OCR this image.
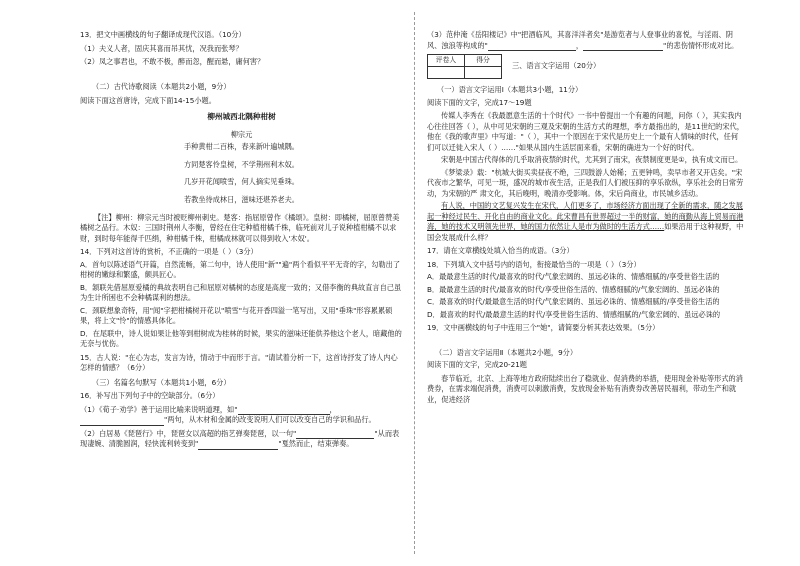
13．把文中画横线的句子翻译成现代汉语。（10分）

（1）夫义人者，固庆其喜而吊其忧，况我而张琴？

（2）凤之事君也，不敢不极，醉而忽，醒而悬，庸何害？

（二）古代诗歌阅读（本题共2小题，9分）

阅读下面这首唐诗，完成下面14-15小题。

柳州城西北隅种柑树

柳宗元

手种黄柑二百株，春来新叶遍城隅。

方同楚客怜皇树，不学荆州利木奴。

几岁开花闻喷雪，何人摘实见垂珠。

若教坐待成林日，滋味还堪养老夫。

【注】柳州：柳宗元当时被贬柳州刺史。楚客：指屈原曾作《橘颂》。皇树：即橘树，屈原曾赞美橘树之品行。木奴：三国时荆州人李衡，曾经在住宅种植柑橘千株，临死前对儿子说种植柑橘不以求财，到时每年能得千匹绢，种柑橘千株，柑橘成林就可以得到收入'木奴'。

14．下列对这首诗的赏析，不正确的一项是（ ）（3分）

A．首句以陈述语气开篇，自然流畅，第二句中，诗人使用"新""遍"两个看似平平无奇的字，勾勒出了柑树的嫩绿和繁盛，颇具匠心。

B．颔联先借屈原爱橘的典故表明自己和屈原对橘树的态度是高度一致的；又借李衡的典故直言自己虽为生计所困也不会种橘谋利的想法。

C．颈联想象奇特，用"闻"字把柑橘树开花以"喷雪"与花开香四溢一笔写出，又用"垂珠"形容累累硕果，将上文"怜"的情感具体化。

D．在尾联中，诗人说如果让他等到柑树成为桂林的时候，果实的滋味还能供养他这个老人，暗藏他的无奈与忧伤。

15．古人说："在心为志，发言为诗，情动于中而形于言。"请试着分析一下，这首诗抒发了诗人内心怎样的情感？（6分）

（三）名篇名句默写（本题共1小题，6分）

16．补写出下列句子中的空缺部分。（6分）

（1）《荀子·劝学》善于运用比喻来说明道理，如"	，"两句，从木材和金属的改变说明人们可以改变自己的学识和品行。

（2）白居易《琵琶行》中，琵琶女以高超的指艺弹奏琵琶，以一句"	"从而表现凄婉、清脆圆润，轻快流利转变到"	"戛然而止，结束弹奏。

（3）范仲淹《岳阳楼记》中"把酒临风，其喜洋洋者矣"是游览者与人登事业的喜悦，与淫雨、阴风、浊浪等构成的"	，	"的悲伤情怀形成对比。

评卷人	得分

三、语言文字运用（20分）

（一）语言文字运用Ⅰ（本题共3小题，11分）

阅读下面的文字，完成17～19题

传媒人李秀在《我最愿意生活的十个时代》一书中曾提出一个有趣的问题，问你（ ），其实我内心往往回答（ ），从中可见宋朝的三观及宋朝的生活方式的理想，季方最指出的，是11世纪的宋代，他在《我的歌声里》中写道："（ ），其中一个原因在于宋代是历史上一个最有人情味的时代，任何们可以迁徙入宋人（ ）……"如果从国内生活层面来看，宋朝的确进为一个好的时代。

宋朝是中国古代得体的几乎取消夜禁的时代，尤其到了南宋，夜禁制度更是①，执有成文而已。

《梦梁录》载："杭城大街买卖昼夜不绝，三四鼓游人始稀；五更钟鸣，卖早市者又开店矣。"宋代夜市之繁华，可见一斑，盛况的城市夜生活，正是我们人们被压抑的享乐欲纵，享乐社会的日常劳动，为宋朝的严 肃文化，其后晚明，晚清亦受影响。体，宋后尚商业，市民城乡活动。

有人说，中国的文艺复兴发生在宋代，人们更多了，市场经济方面出现了全新的需求，随之发展起一种经过民生、开化自由的商业文化。此宋曹昌有世界超过一半的财富，她的商勤从海上贸易而港海，她的技术又明领先世界，她的国力依然让人是市为做时的生活方式……如果沿用于这种视野，中国会发展成什么样？

17．请在文章横线处填入恰当的成语。（3分）

18．下列填入文中括号内的语句，衔接最恰当的一项是（ ）（3分）

A．最最意生活的时代/最喜欢的时代/气象宏阔的、虽远必诛的、情感细腻的/享受世俗生活的

B．最最意生活的时代/最喜欢的时代/享受世俗生活的、情感细腻的/气象宏阔的、虽远必诛的

C．最喜欢的时代/最最意生活的时代/气象宏阔的、虽远必诛的、情感细腻的/享受世俗生活的

D．最喜欢的时代/最最意生活的时代/享受世俗生活的、情感细腻的/气象宏阔的、虽远必诛的

19．文中画横线的句子中连用三个"她"，请简要分析其表达效果。（5分）

（二）语言文字运用Ⅱ（本题共2小题，9分）

阅读下面的文字，完成20-21题

春节临近，北京、上海等地方政府陆续出台了稳就业、促消费的举措，使用现金补贴等形式的消费券，在需求端促消费，消费可以刺激消费，发放现金补贴有消费券改善居民福利，带动生产和就业，促进经济
